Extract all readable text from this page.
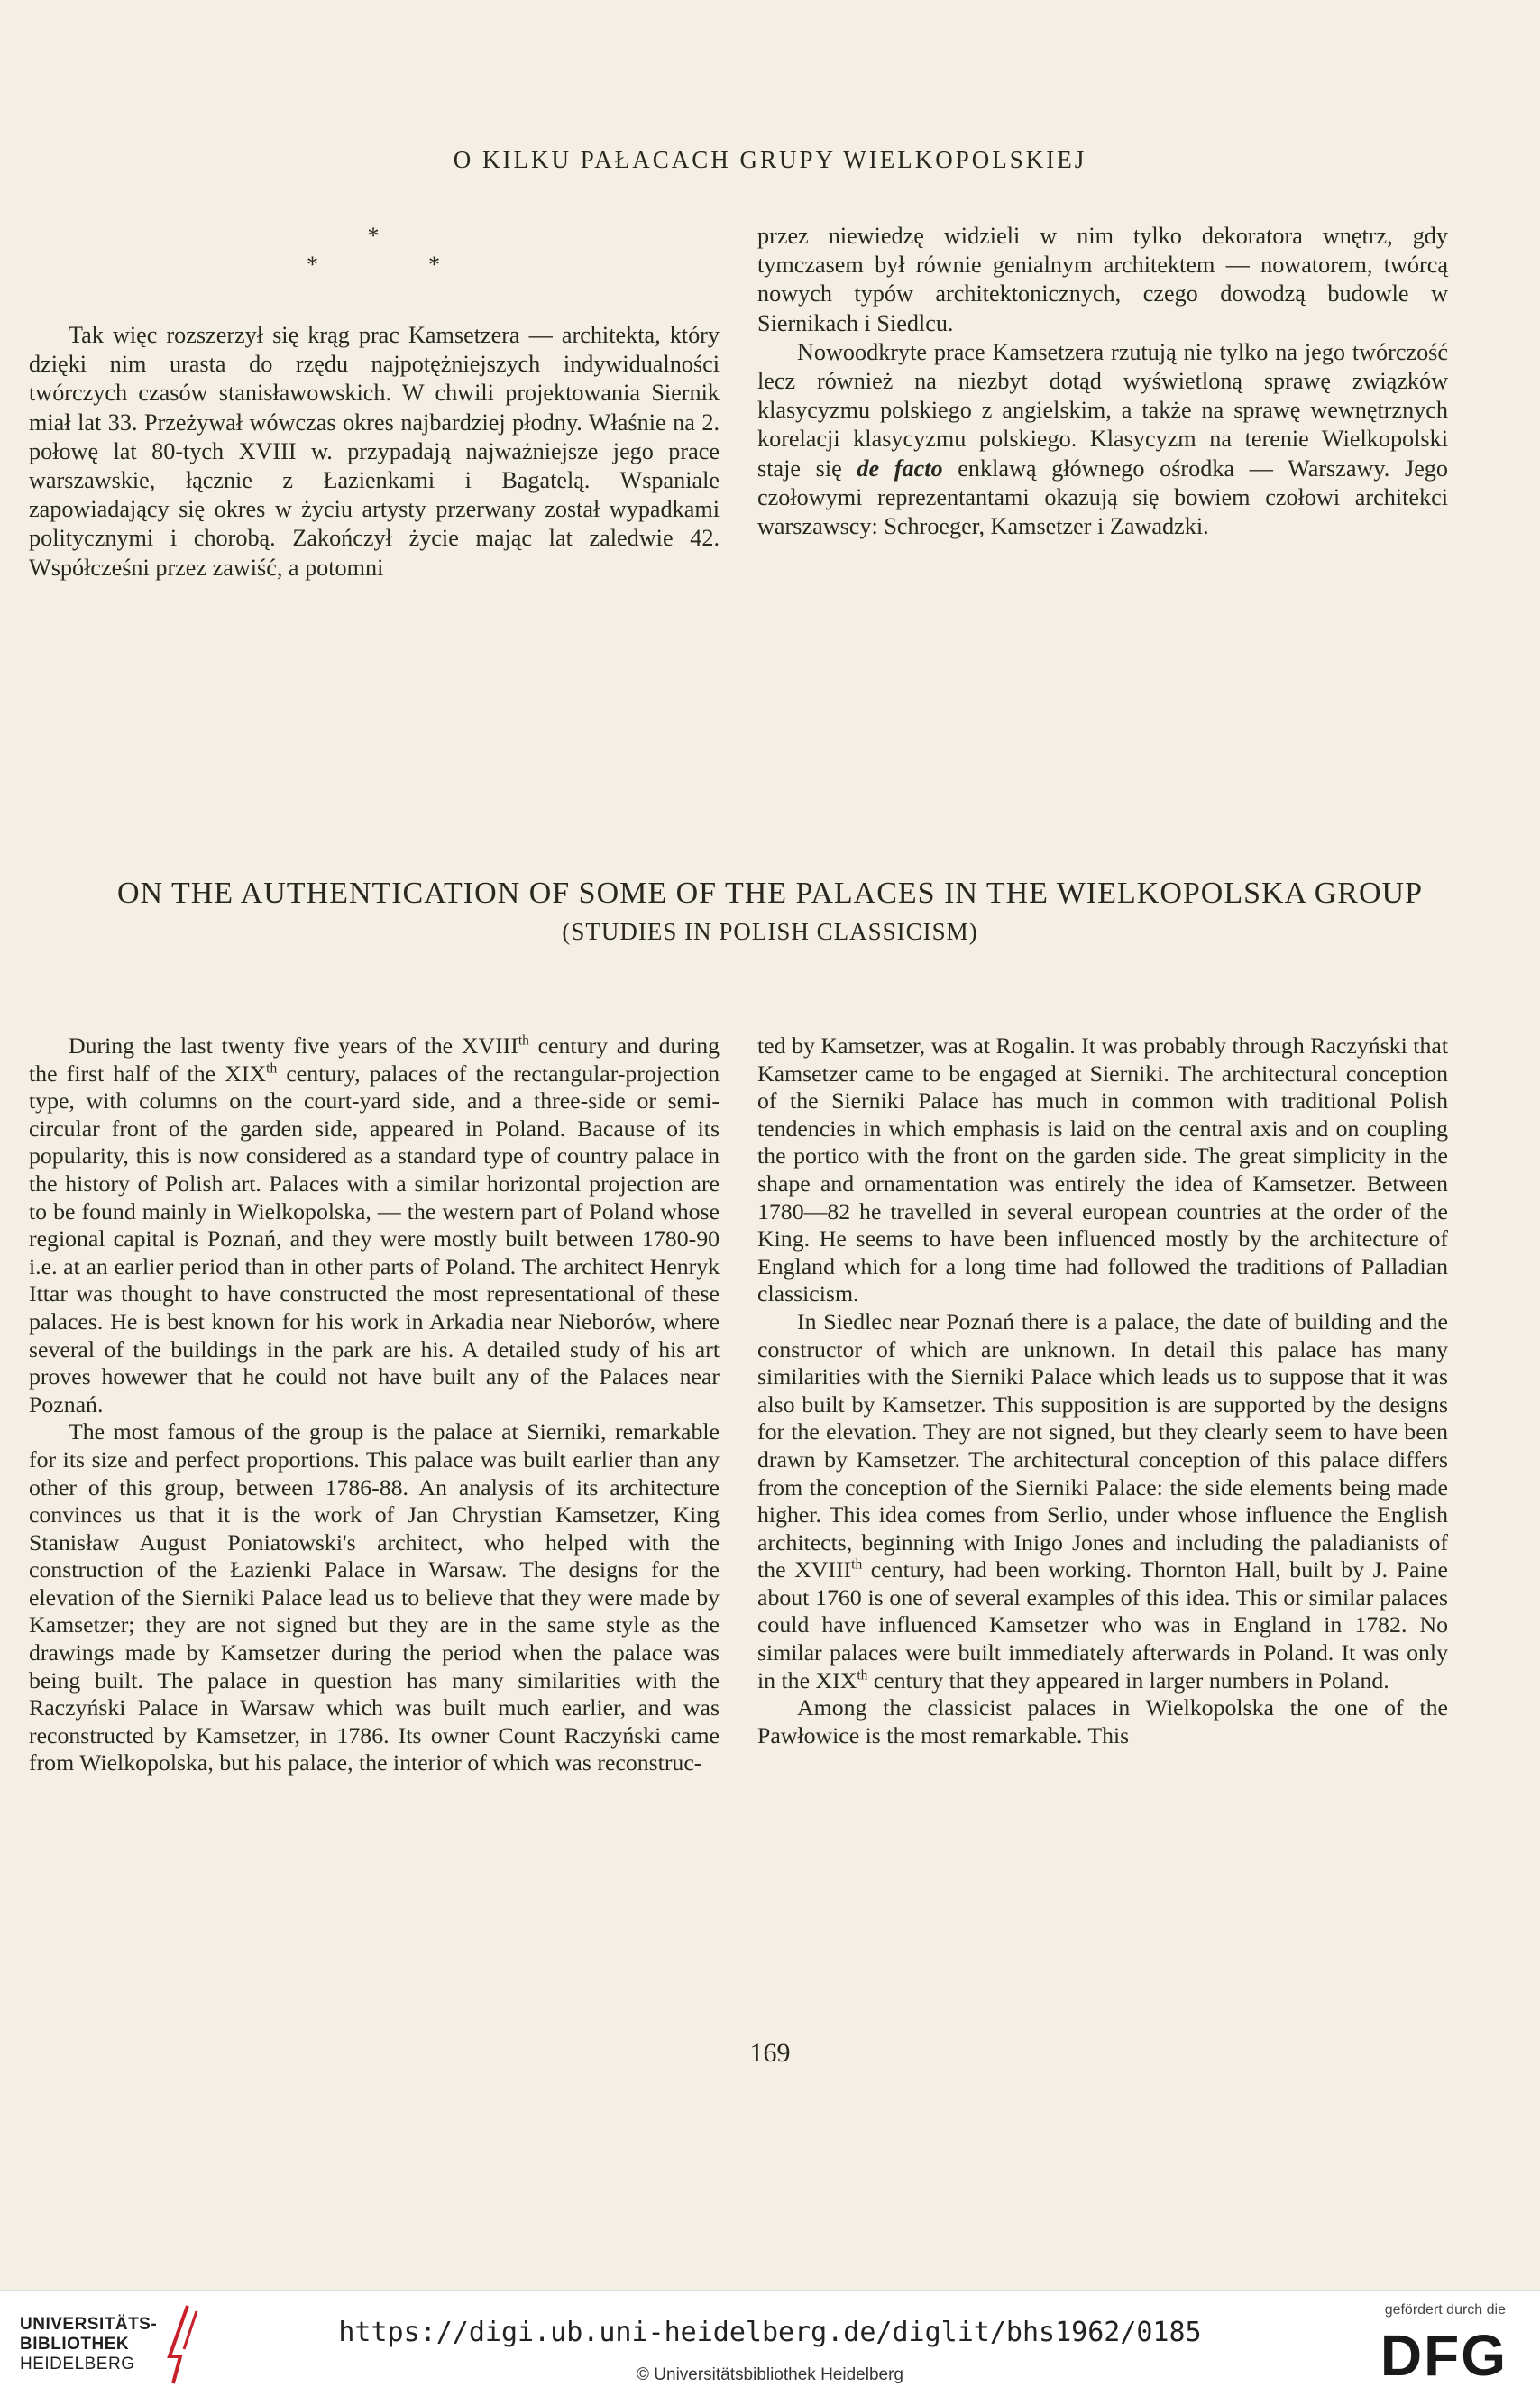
O KILKU PAŁACACH GRUPY WIELKOPOLSKIEJ
*
*	*

Tak więc rozszerzył się krąg prac Kamsetzera — architekta, który dzięki nim urasta do rzędu najpotężniejszych indywidualności twórczych czasów stanisławowskich. W chwili projektowania Siernik miał lat 33. Przeżywał wówczas okres najbardziej płodny. Właśnie na 2. połowę lat 80-tych XVIII w. przypadają najważniejsze jego prace warszawskie, łącznie z Łazienkami i Bagatelą. Wspaniale zapowiadający się okres w życiu artysty przerwany został wypadkami politycznymi i chorobą. Zakończył życie mając lat zaledwie 42. Współcześni przez zawiść, a potomni

przez niewiedzę widzieli w nim tylko dekoratora wnętrz, gdy tymczasem był równie genialnym architektem — nowatorem, twórcą nowych typów architektonicznych, czego dowodzą budowle w Siernikach i Siedlcu.

Nowoodkryte prace Kamsetzera rzutują nie tylko na jego twórczość lecz również na niezbyt dotąd wyświetloną sprawę związków klasycyzmu polskiego z angielskim, a także na sprawę wewnętrznych korelacji klasycyzmu polskiego. Klasycyzm na terenie Wielkopolski staje się de facto enklawą głównego ośrodka — Warszawy. Jego czołowymi reprezentantami okazują się bowiem czołowi architekci warszawscy: Schroeger, Kamsetzer i Zawadzki.

ON THE AUTHENTICATION OF SOME OF THE PALACES IN THE WIELKOPOLSKA GROUP
(STUDIES IN POLISH CLASSICISM)

During the last twenty five years of the XVIIIth century and during the first half of the XIXth century, palaces of the rectangular-projection type, with columns on the court-yard side, and a three-side or semi-circular front of the garden side, appeared in Poland. Bacause of its popularity, this is now considered as a standard type of country palace in the history of Polish art. Palaces with a similar horizontal projection are to be found mainly in Wielkopolska, — the western part of Poland whose regional capital is Poznań, and they were mostly built between 1780-90 i.e. at an earlier period than in other parts of Poland. The architect Henryk Ittar was thought to have constructed the most representational of these palaces. He is best known for his work in Arkadia near Nieborów, where several of the buildings in the park are his. A detailed study of his art proves howewer that he could not have built any of the Palaces near Poznań.

The most famous of the group is the palace at Sierniki, remarkable for its size and perfect proportions. This palace was built earlier than any other of this group, between 1786-88. An analysis of its architecture convinces us that it is the work of Jan Chrystian Kamsetzer, King Stanisław August Poniatowski's architect, who helped with the construction of the Łazienki Palace in Warsaw. The designs for the elevation of the Sierniki Palace lead us to believe that they were made by Kamsetzer; they are not signed but they are in the same style as the drawings made by Kamsetzer during the period when the palace was being built. The palace in question has many similarities with the Raczyński Palace in Warsaw which was built much earlier, and was reconstructed by Kamsetzer, in 1786. Its owner Count Raczyński came from Wielkopolska, but his palace, the interior of which was reconstruc-

ted by Kamsetzer, was at Rogalin. It was probably through Raczyński that Kamsetzer came to be engaged at Sierniki. The architectural conception of the Sierniki Palace has much in common with traditional Polish tendencies in which emphasis is laid on the central axis and on coupling the portico with the front on the garden side. The great simplicity in the shape and ornamentation was entirely the idea of Kamsetzer. Between 1780—82 he travelled in several european countries at the order of the King. He seems to have been influenced mostly by the architecture of England which for a long time had followed the traditions of Palladian classicism.

In Siedlec near Poznań there is a palace, the date of building and the constructor of which are unknown. In detail this palace has many similarities with the Sierniki Palace which leads us to suppose that it was also built by Kamsetzer. This supposition is are supported by the designs for the elevation. They are not signed, but they clearly seem to have been drawn by Kamsetzer. The architectural conception of this palace differs from the conception of the Sierniki Palace: the side elements being made higher. This idea comes from Serlio, under whose influence the English architects, beginning with Inigo Jones and including the paladianists of the XVIIIth century, had been working. Thornton Hall, built by J. Paine about 1760 is one of several examples of this idea. This or similar palaces could have influenced Kamsetzer who was in England in 1782. No similar palaces were built immediately afterwards in Poland. It was only in the XIXth century that they appeared in larger numbers in Poland.

Among the classicist palaces in Wielkopolska the one of the Pawłowice is the most remarkable. This

169
UNIVERSITÄTS-
BIBLIOTHEK
HEIDELBERG
https://digi.ub.uni-heidelberg.de/diglit/bhs1962/0185
© Universitätsbibliothek Heidelberg
gefördert durch die
DFG
